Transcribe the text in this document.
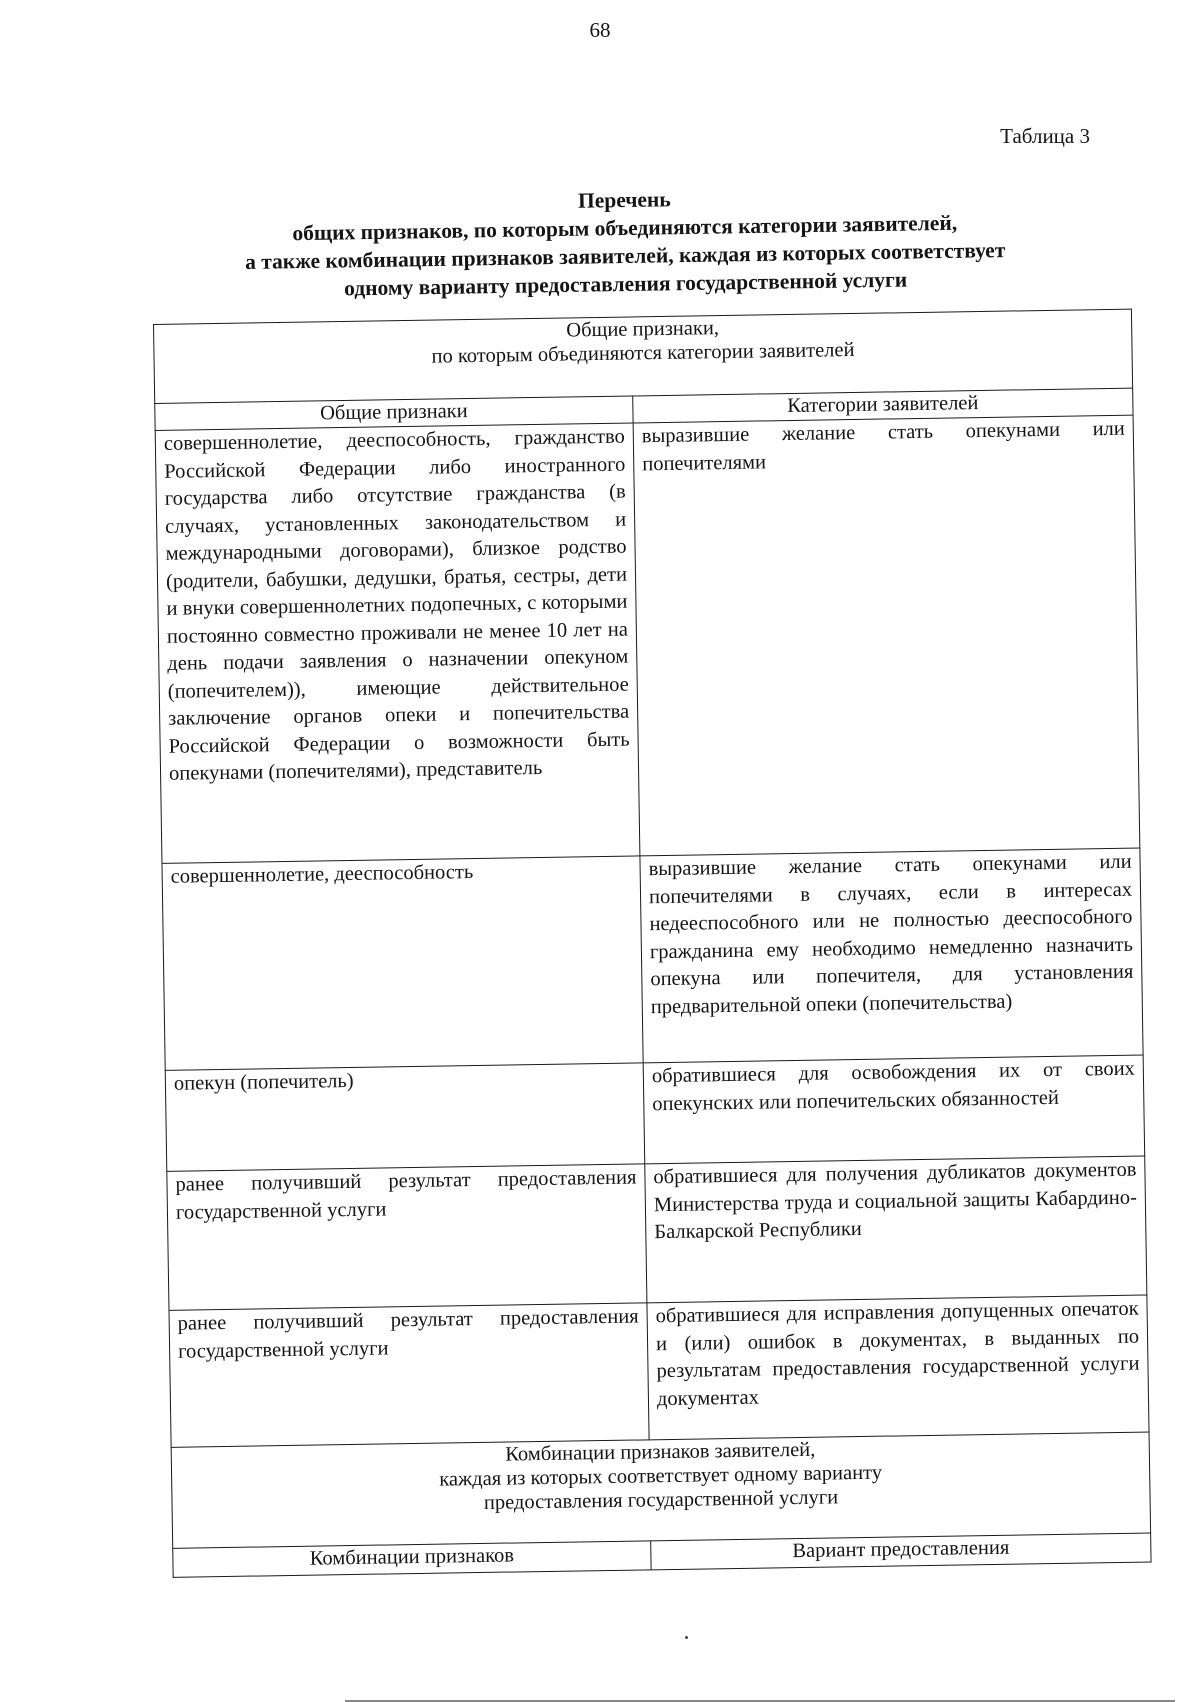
68
Таблица 3
Перечень
общих признаков, по которым объединяются категории заявителей,
а также комбинации признаков заявителей, каждая из которых соответствует
одному варианту предоставления государственной услуги
Общие признаки,
по которым объединяются категории заявителей	

Общие признаки	Категории заявителей
совершеннолетие, дееспособность, гражданство Российской Федерации либо иностранного государства либо отсутствие гражданства (в случаях, установленных законодательством и международными договорами), близкое родство (родители, бабушки, дедушки, братья, сестры, дети и внуки совершеннолетних подопечных, с которыми постоянно совместно проживали не менее 10 лет на день подачи заявления о назначении опекуном (попечителем)), имеющие действительное заключение органов опеки и попечительства Российской Федерации о возможности быть опекунами (попечителями), представитель	выразившие желание стать опекунами или попечителями
совершеннолетие, дееспособность	выразившие желание стать опекунами или попечителями в случаях, если в интересах недееспособного или не полностью дееспособного гражданина ему необходимо немедленно назначить опекуна или попечителя, для установления предварительной опеки (попечительства)
опекун (попечитель)	обратившиеся для освобождения их от своих опекунских или попечительских обязанностей
ранее получивший результат предоставления государственной услуги	обратившиеся для получения дубликатов документов Министерства труда и социальной защиты Кабардино-Балкарской Республики
ранее получивший результат предоставления государственной услуги	обратившиеся для исправления допущенных опечаток и (или) ошибок в документах, в выданных по результатам предоставления государственной услуги документах

Комбинации признаков заявителей,
каждая из которых соответствует одному варианту
предоставления государственной услуги	

Комбинации признаков	Вариант предоставления
